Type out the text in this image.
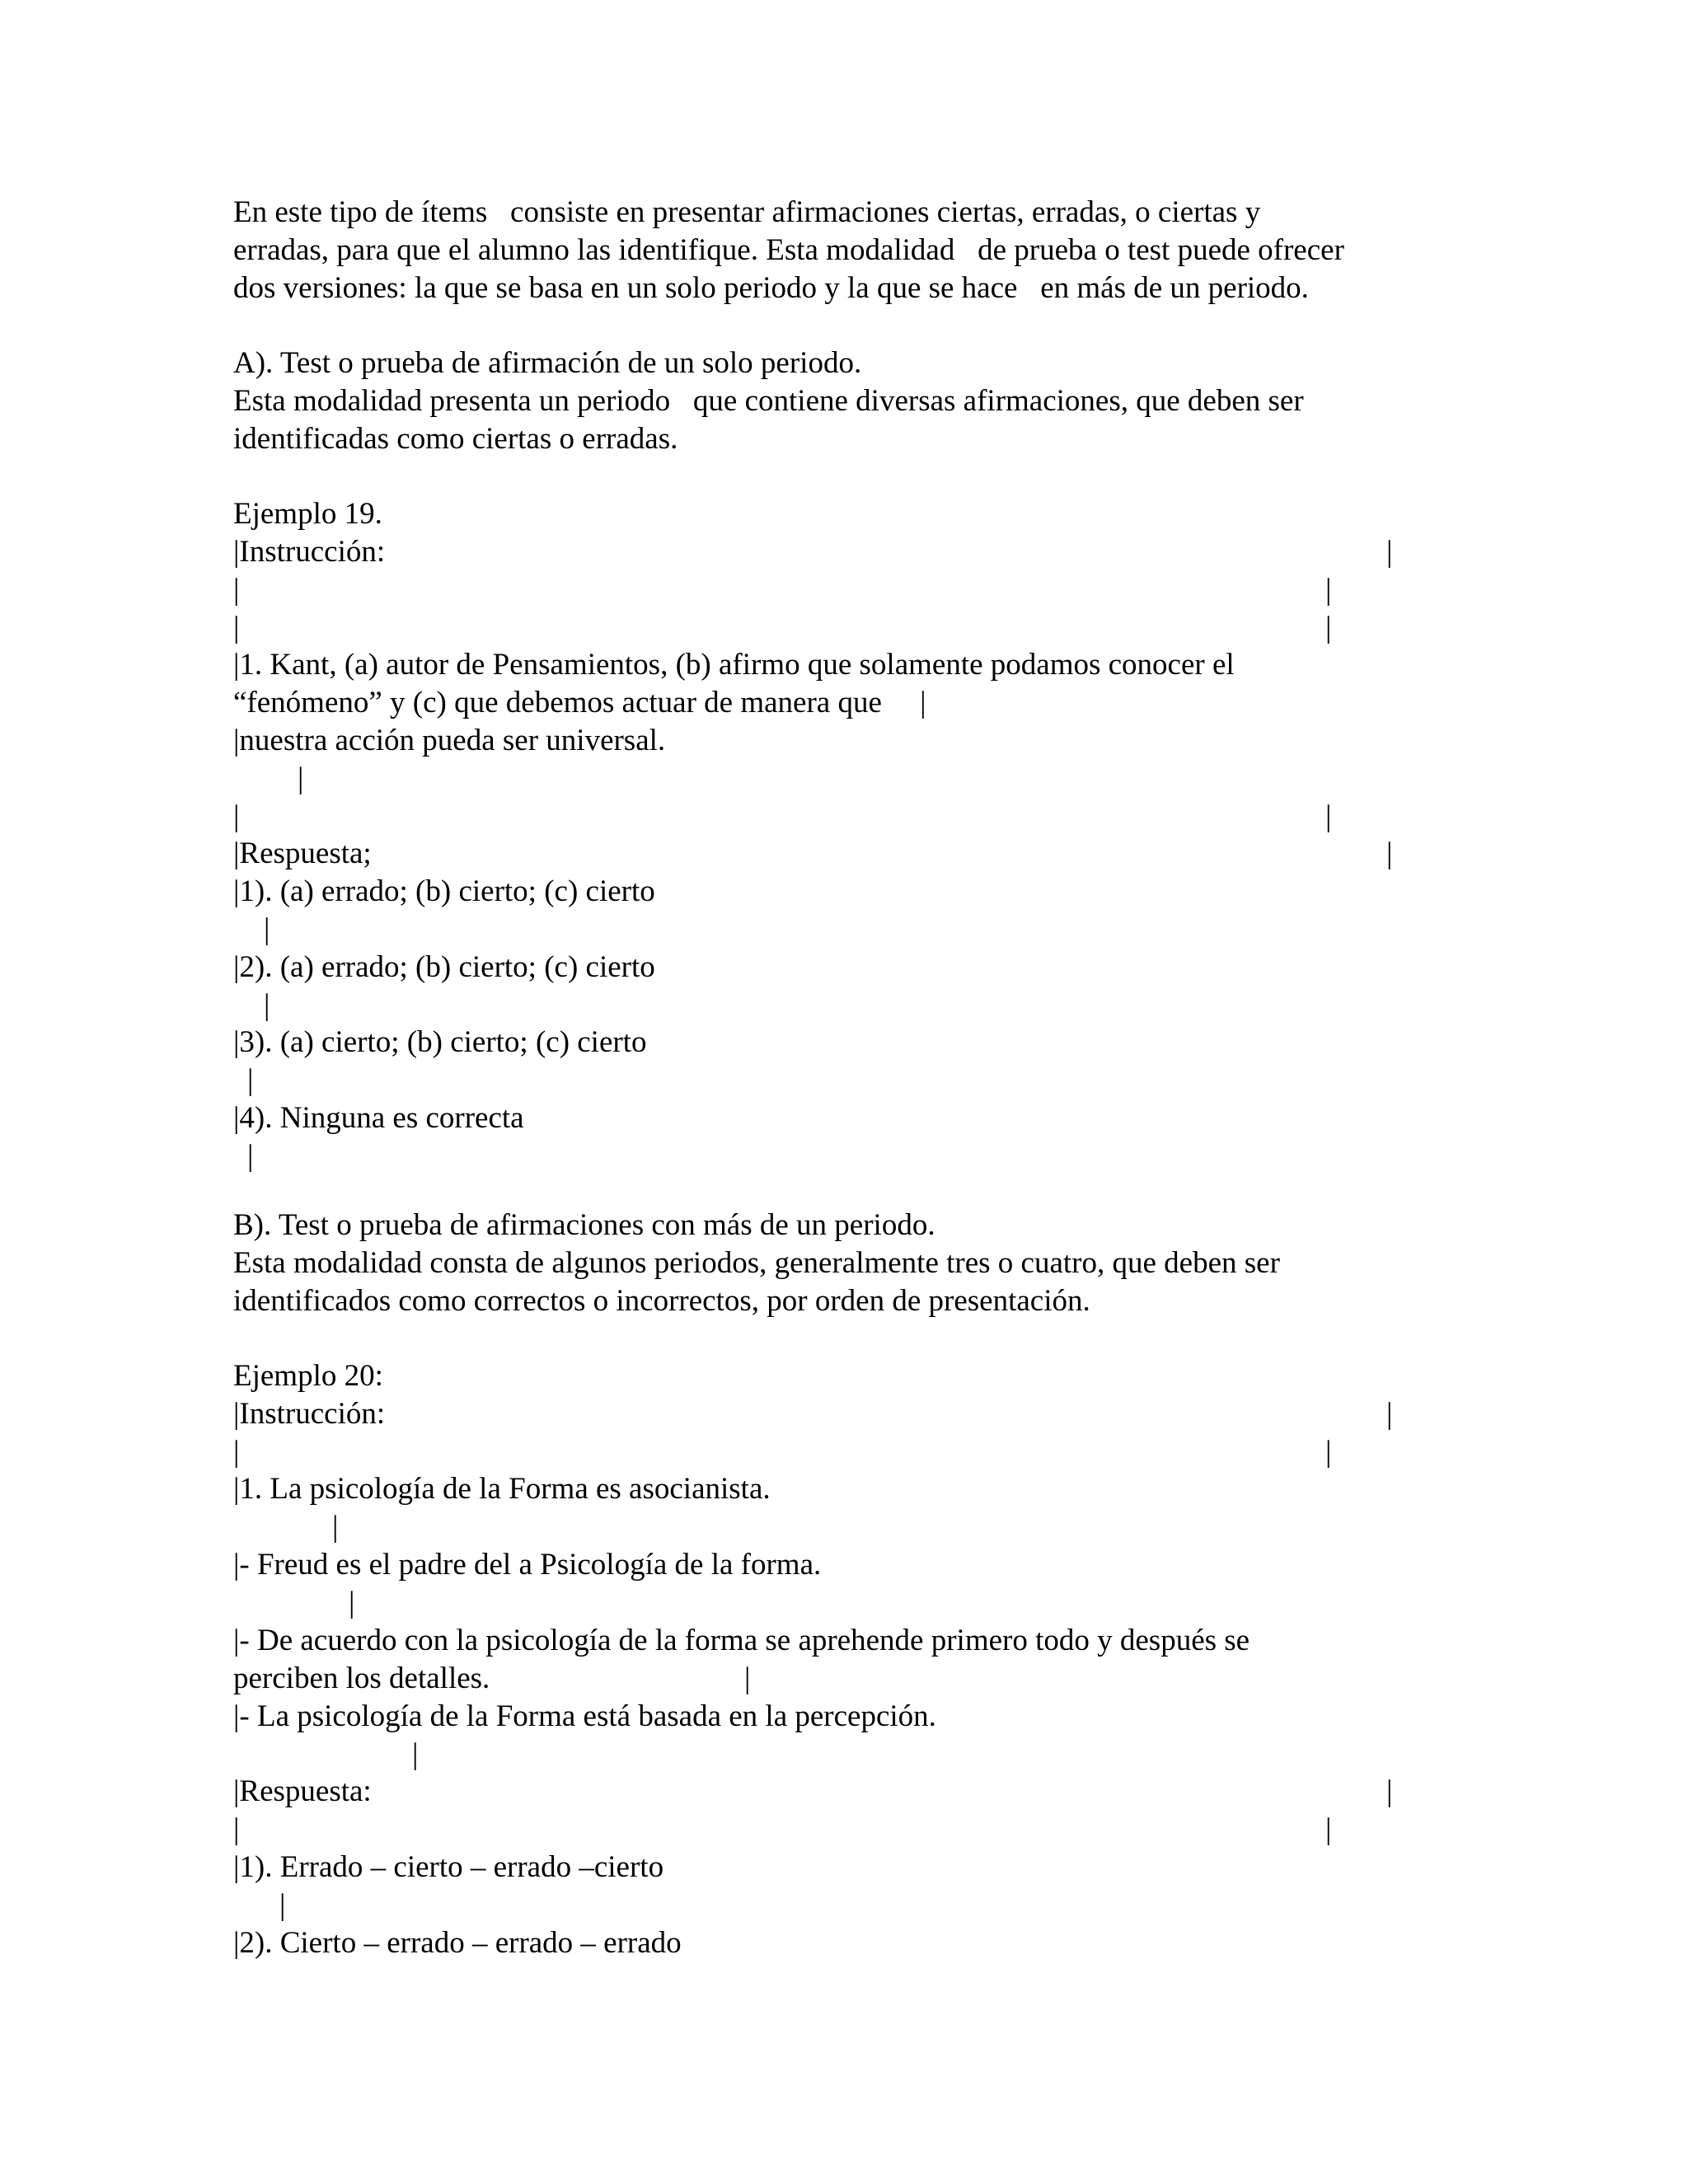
En este tipo de ítems   consiste en presentar afirmaciones ciertas, erradas, o ciertas y

erradas, para que el alumno las identifique. Esta modalidad   de prueba o test puede ofrecer

dos versiones: la que se basa en un solo periodo y la que se hace   en más de un periodo.

A). Test o prueba de afirmación de un solo periodo.

Esta modalidad presenta un periodo   que contiene diversas afirmaciones, que deben ser

identificadas como ciertas o erradas.

Ejemplo 19.

|Instrucción:	|
|	|
|	|

|1. Kant, (a) autor de Pensamientos, (b) afirmo que solamente podamos conocer el

“fenómeno” y (c) que debemos actuar de manera que     |

|nuestra acción pueda ser universal.

|
|	|

|Respuesta;	|

|1). (a) errado; (b) cierto; (c) cierto

|

|2). (a) errado; (b) cierto; (c) cierto

|

|3). (a) cierto; (b) cierto; (c) cierto

|

|4). Ninguna es correcta

|

B). Test o prueba de afirmaciones con más de un periodo.

Esta modalidad consta de algunos periodos, generalmente tres o cuatro, que deben ser

identificados como correctos o incorrectos, por orden de presentación.

Ejemplo 20:

|Instrucción:	|
|	|

|1. La psicología de la Forma es asocianista.

|

|- Freud es el padre del a Psicología de la forma.

|

|- De acuerdo con la psicología de la forma se aprehende primero todo y después se

perciben los detalles.	|

|- La psicología de la Forma está basada en la percepción.

|

|Respuesta:	|
|	|

|1). Errado – cierto – errado –cierto

|

|2). Cierto – errado – errado – errado
